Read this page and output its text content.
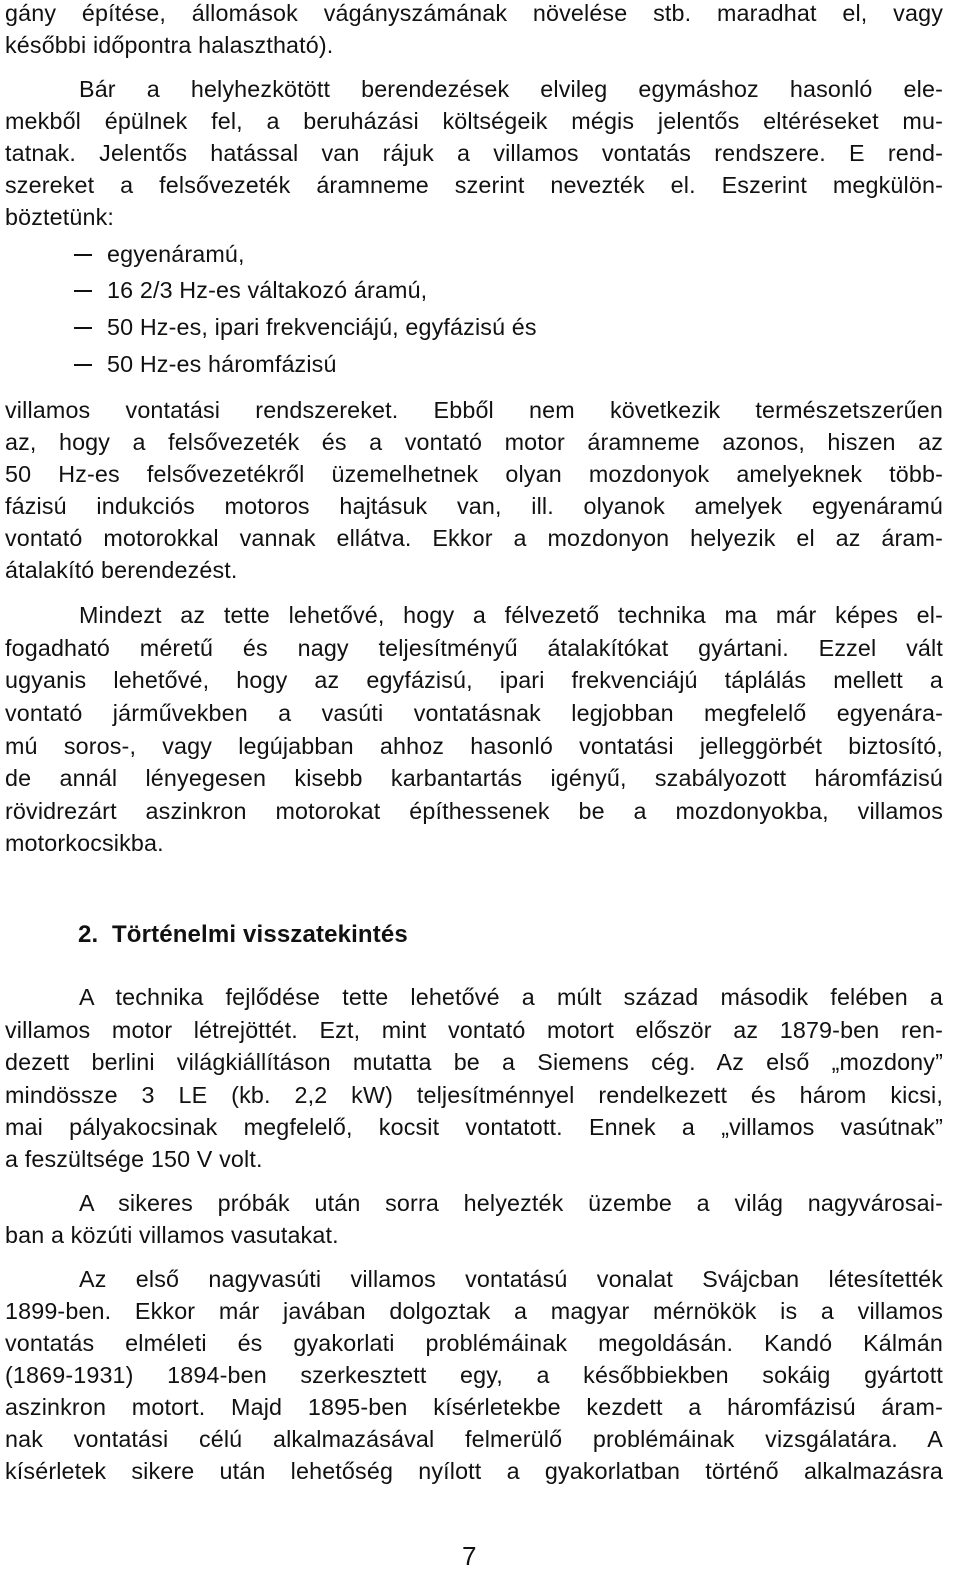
gány építése, állomások vágányszámának növelése stb. maradhat el, vagy
későbbi időpontra halasztható).
Bár a helyhezkötött berendezések elvileg egymáshoz hasonló ele-
mekből épülnek fel, a beruházási költségeik mégis jelentős eltéréseket mu-
tatnak. Jelentős hatással van rájuk a villamos vontatás rendszere. E rend-
szereket a felsővezeték áramneme szerint nevezték el. Eszerint megkülön-
böztetünk:
egyenáramú,
16 2/3 Hz-es váltakozó áramú,
50 Hz-es, ipari frekvenciájú, egyfázisú és
50 Hz-es háromfázisú
villamos vontatási rendszereket. Ebből nem következik természetszerűen
az, hogy a felsővezeték és a vontató motor áramneme azonos, hiszen az
50 Hz-es felsővezetékről üzemelhetnek olyan mozdonyok amelyeknek több-
fázisú indukciós motoros hajtásuk van, ill. olyanok amelyek egyenáramú
vontató motorokkal vannak ellátva. Ekkor a mozdonyon helyezik el az áram-
átalakító berendezést.
Mindezt az tette lehetővé, hogy a félvezető technika ma már képes el-
fogadható méretű és nagy teljesítményű átalakítókat gyártani. Ezzel vált
ugyanis lehetővé, hogy az egyfázisú, ipari frekvenciájú táplálás mellett a
vontató járművekben a vasúti vontatásnak legjobban megfelelő egyenára-
mú soros-, vagy legújabban ahhoz hasonló vontatási jelleggörbét biztosító,
de annál lényegesen kisebb karbantartás igényű, szabályozott háromfázisú
rövidrezárt aszinkron motorokat építhessenek be a mozdonyokba, villamos
motorkocsikba.
2. Történelmi visszatekintés
A technika fejlődése tette lehetővé a múlt század második felében a
villamos motor létrejöttét. Ezt, mint vontató motort először az 1879-ben ren-
dezett berlini világkiállításon mutatta be a Siemens cég. Az első „mozdony”
mindössze 3 LE (kb. 2,2 kW) teljesítménnyel rendelkezett és három kicsi,
mai pályakocsinak megfelelő, kocsit vontatott. Ennek a „villamos vasútnak”
a feszültsége 150 V volt.
A sikeres próbák után sorra helyezték üzembe a világ nagyvárosai-
ban a közúti villamos vasutakat.
Az első nagyvasúti villamos vontatású vonalat Svájcban létesítették
1899-ben. Ekkor már javában dolgoztak a magyar mérnökök is a villamos
vontatás elméleti és gyakorlati problémáinak megoldásán. Kandó Kálmán
(1869-1931) 1894-ben szerkesztett egy, a későbbiekben sokáig gyártott
aszinkron motort. Majd 1895-ben kísérletekbe kezdett a háromfázisú áram-
nak vontatási célú alkalmazásával felmerülő problémáinak vizsgálatára. A
kísérletek sikere után lehetőség nyílott a gyakorlatban történő alkalmazásra
7
